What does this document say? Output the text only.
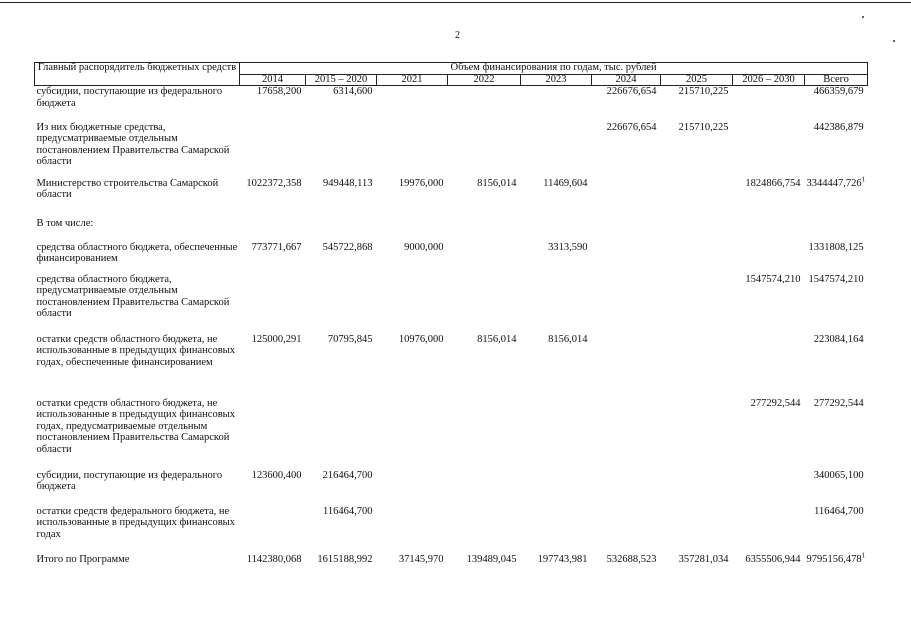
2
Главный распорядитель бюджетных средств	Объем финансирования по годам, тыс. рублей								
	2014	2015 – 2020	2021	2022	2023	2024	2025	2026 – 2030	Всего
субсидии, поступающие из федерального бюджета	17658,200	6314,600				226676,654	215710,225		466359,679
Из них бюджетные средства, предусматриваемые отдельным постановлением Правительства Самарской области						226676,654	215710,225		442386,879
Министерство строительства Самарской области	1022372,358	949448,113	19976,000	8156,014	11469,604			1824866,754	3344447,726$^1$
В том числе:									
средства областного бюджета, обеспеченные финансированием	773771,667	545722,868	9000,000		3313,590				1331808,125
средства областного бюджета, предусматриваемые отдельным постановлением Правительства Самарской области								1547574,210	1547574,210
остатки средств областного бюджета, не использованные в предыдущих финансовых годах, обеспеченные финансированием	125000,291	70795,845	10976,000	8156,014	8156,014				223084,164
остатки средств областного бюджета, не использованные в предыдущих финансовых годах, предусматриваемые отдельным постановлением Правительства Самарской области								277292,544	277292,544
субсидии, поступающие из федерального бюджета	123600,400	216464,700							340065,100
остатки средств федерального бюджета, не использованные в предыдущих финансовых годах		116464,700							116464,700
Итого по Программе	1142380,068	1615188,992	37145,970	139489,045	197743,981	532688,523	357281,034	6355506,944	9795156,478$^1$
